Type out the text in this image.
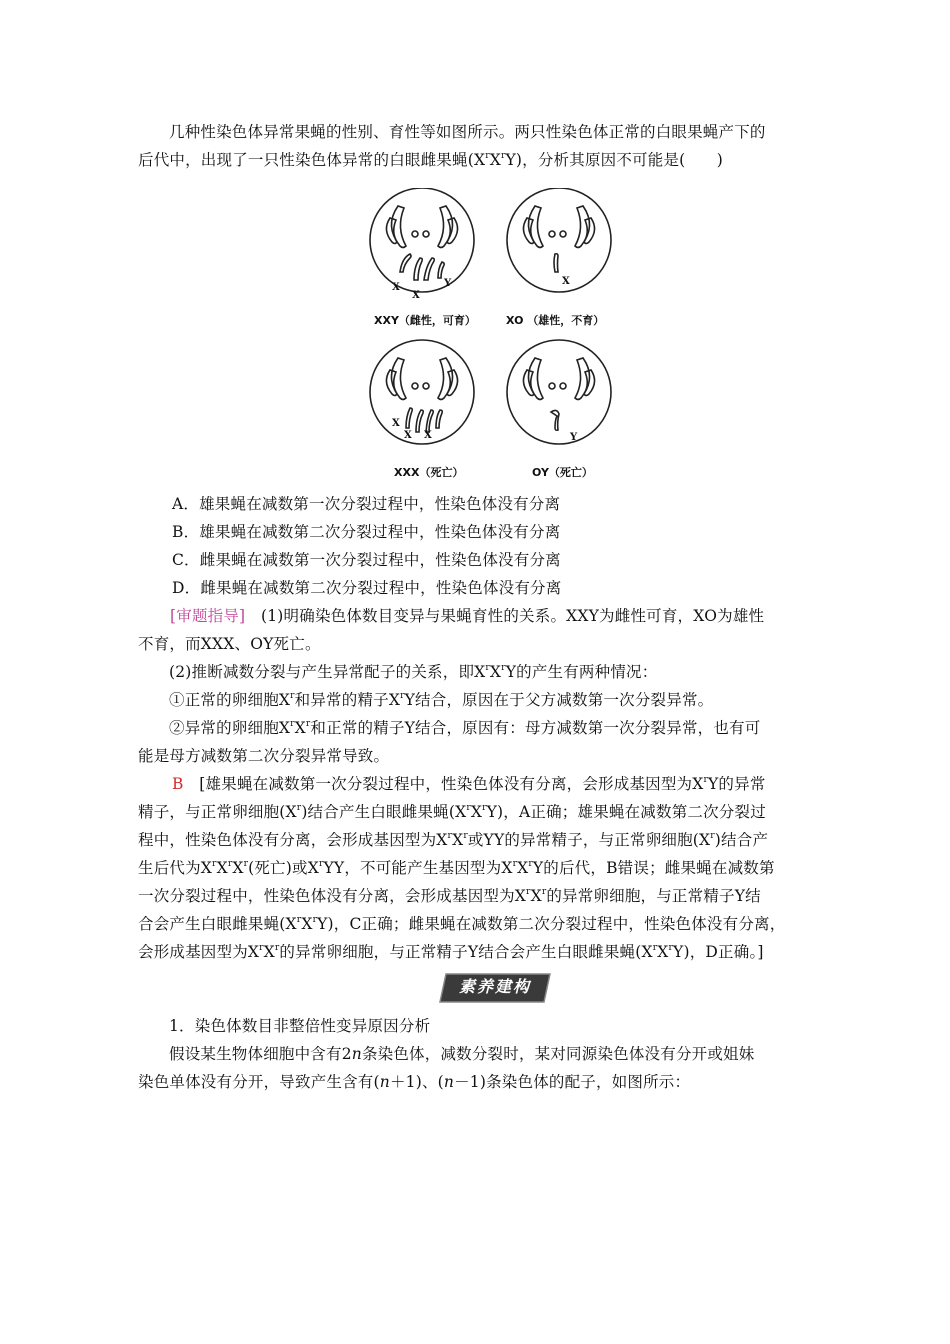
几种性染色体异常果蝇的性别、育性等如图所示。两只性染色体正常的白眼果蝇产下的
后代中，出现了一只性染色体异常的白眼雌果蝇$(X^rX^rY)$，分析其原因不可能是(　　)
X
X
Y	X
X
X X	Y
XXY（雌性，可育）	XO （雄性，不育）
XXX（死亡）	OY（死亡）
A．雄果蝇在减数第一次分裂过程中，性染色体没有分离
B．雄果蝇在减数第二次分裂过程中，性染色体没有分离
C．雌果蝇在减数第一次分裂过程中，性染色体没有分离
D．雌果蝇在减数第二次分裂过程中，性染色体没有分离
[审题指导]　(1)明确染色体数目变异与果蝇育性的关系。XXY为雌性可育，XO为雄性
不育，而XXX、OY死亡。
(2)推断减数分裂与产生异常配子的关系，即$X^rX^rY$的产生有两种情况：
①正常的卵细胞$X^r$和异常的精子$X^rY$结合，原因在于父方减数第一次分裂异常。
②异常的卵细胞$X^rX^r$和正常的精子Y结合，原因有：母方减数第一次分裂异常，也有可
能是母方减数第二次分裂异常导致。
B　[雄果蝇在减数第一次分裂过程中，性染色体没有分离，会形成基因型为$X^rY$的异常
精子，与正常卵细胞$(X^r)$结合产生白眼雌果蝇$(X^rX^rY)$，A正确；雄果蝇在减数第二次分裂过
程中，性染色体没有分离，会形成基因型为$X^rX^r$或YY的异常精子，与正常卵细胞$(X^r)$结合产
生后代为$X^rX^rX^r$(死亡)或$X^rYY$，不可能产生基因型为$X^rX^rY$的后代，B错误；雌果蝇在减数第
一次分裂过程中，性染色体没有分离，会形成基因型为$X^rX^r$的异常卵细胞，与正常精子Y结
合会产生白眼雌果蝇$(X^rX^rY)$，C正确；雌果蝇在减数第二次分裂过程中，性染色体没有分离，
会形成基因型为$X^rX^r$的异常卵细胞，与正常精子Y结合会产生白眼雌果蝇$(X^rX^rY)$，D正确。]
素养建构
1．染色体数目非整倍性变异原因分析
假设某生物体细胞中含有2n条染色体，减数分裂时，某对同源染色体没有分开或姐妹
染色单体没有分开，导致产生含有(n＋1)、(n－1)条染色体的配子，如图所示：
